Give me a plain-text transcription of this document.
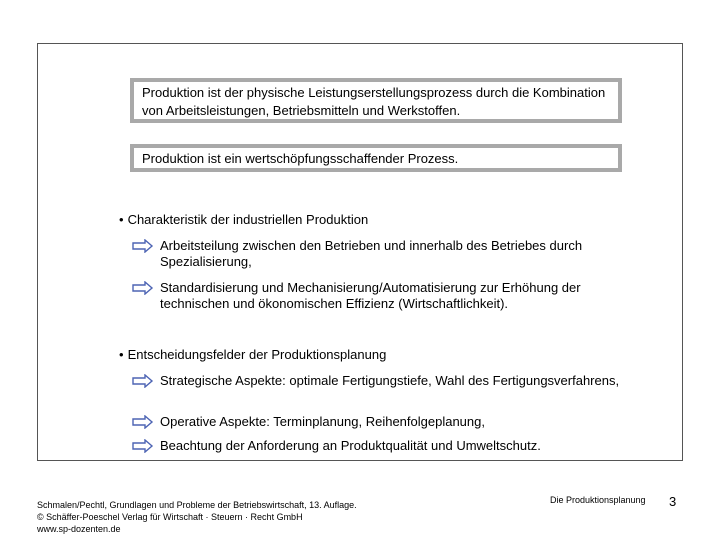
Produktion ist der physische Leistungserstellungsprozess durch die Kombination von Arbeitsleistungen, Betriebsmitteln und Werkstoffen.
Produktion ist ein wertschöpfungsschaffender Prozess.
• Charakteristik der industriellen Produktion
Arbeitsteilung zwischen den Betrieben und innerhalb des Betriebes durch Spezialisierung,
Standardisierung und Mechanisierung/Automatisierung zur Erhöhung der technischen und ökonomischen Effizienz (Wirtschaftlichkeit).
• Entscheidungsfelder der Produktionsplanung
Strategische Aspekte: optimale Fertigungstiefe, Wahl des Fertigungsverfahrens,
Operative Aspekte: Terminplanung, Reihenfolgeplanung,
Beachtung der Anforderung an Produktqualität und Umweltschutz.
Schmalen/Pechtl, Grundlagen und Probleme der Betriebswirtschaft, 13. Auflage.
© Schäffer-Poeschel Verlag für Wirtschaft · Steuern · Recht GmbH
www.sp-dozenten.de
Die Produktionsplanung 3
